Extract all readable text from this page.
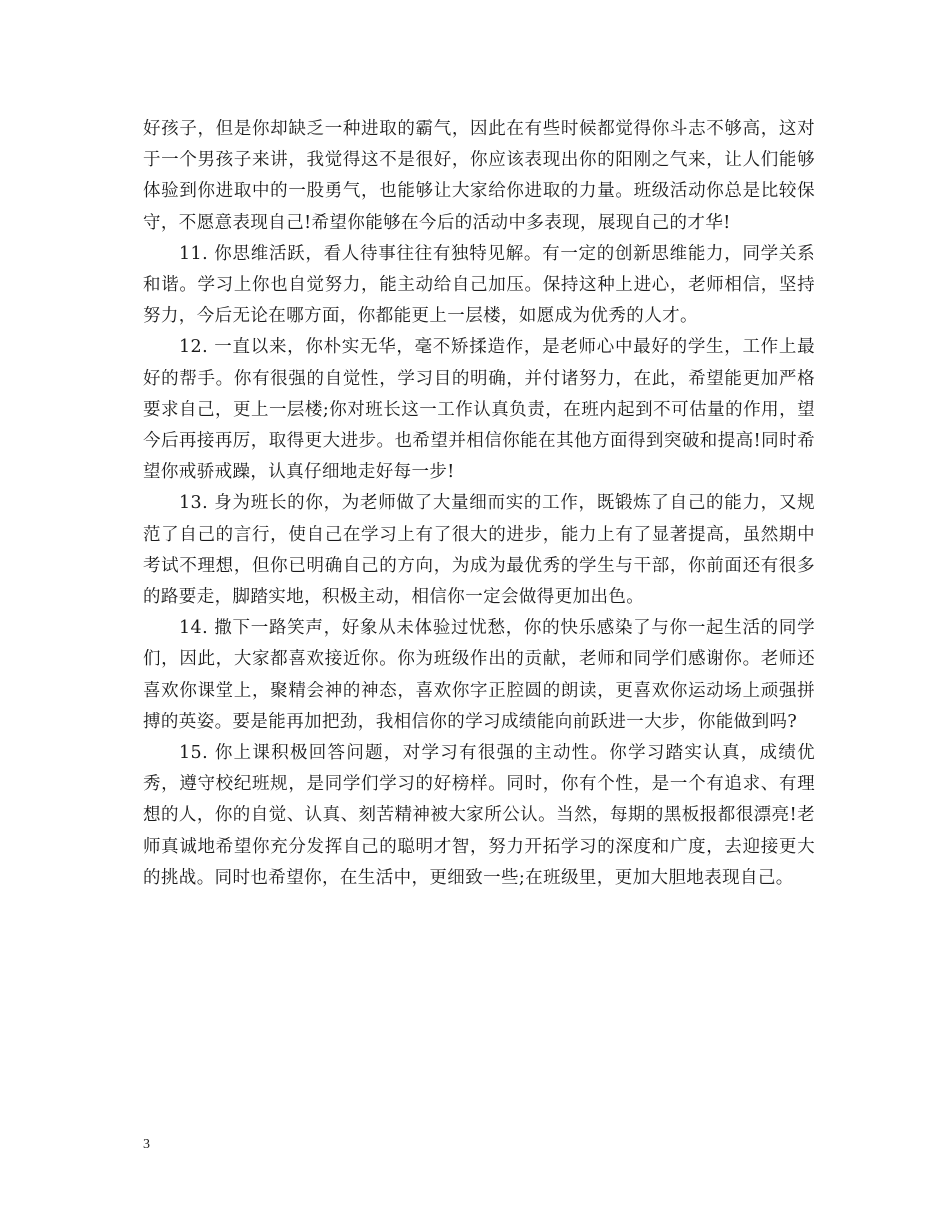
好孩子，但是你却缺乏一种进取的霸气，因此在有些时候都觉得你斗志不够高，这对于一个男孩子来讲，我觉得这不是很好，你应该表现出你的阳刚之气来，让人们能够体验到你进取中的一股勇气，也能够让大家给你进取的力量。班级活动你总是比较保守，不愿意表现自己!希望你能够在今后的活动中多表现，展现自己的才华!

11. 你思维活跃，看人待事往往有独特见解。有一定的创新思维能力，同学关系和谐。学习上你也自觉努力，能主动给自己加压。保持这种上进心，老师相信，坚持努力，今后无论在哪方面，你都能更上一层楼，如愿成为优秀的人才。

12. 一直以来，你朴实无华，毫不矫揉造作，是老师心中最好的学生，工作上最好的帮手。你有很强的自觉性，学习目的明确，并付诸努力，在此，希望能更加严格要求自己，更上一层楼;你对班长这一工作认真负责，在班内起到不可估量的作用，望今后再接再厉，取得更大进步。也希望并相信你能在其他方面得到突破和提高!同时希望你戒骄戒躁，认真仔细地走好每一步!

13. 身为班长的你，为老师做了大量细而实的工作，既锻炼了自己的能力，又规范了自己的言行，使自己在学习上有了很大的进步，能力上有了显著提高，虽然期中考试不理想，但你已明确自己的方向，为成为最优秀的学生与干部，你前面还有很多的路要走，脚踏实地，积极主动，相信你一定会做得更加出色。

14. 撒下一路笑声，好象从未体验过忧愁，你的快乐感染了与你一起生活的同学们，因此，大家都喜欢接近你。你为班级作出的贡献，老师和同学们感谢你。老师还喜欢你课堂上，聚精会神的神态，喜欢你字正腔圆的朗读，更喜欢你运动场上顽强拼搏的英姿。要是能再加把劲，我相信你的学习成绩能向前跃进一大步，你能做到吗?

15. 你上课积极回答问题，对学习有很强的主动性。你学习踏实认真，成绩优秀，遵守校纪班规，是同学们学习的好榜样。同时，你有个性，是一个有追求、有理想的人，你的自觉、认真、刻苦精神被大家所公认。当然，每期的黑板报都很漂亮!老师真诚地希望你充分发挥自己的聪明才智，努力开拓学习的深度和广度，去迎接更大的挑战。同时也希望你，在生活中，更细致一些;在班级里，更加大胆地表现自己。

3
